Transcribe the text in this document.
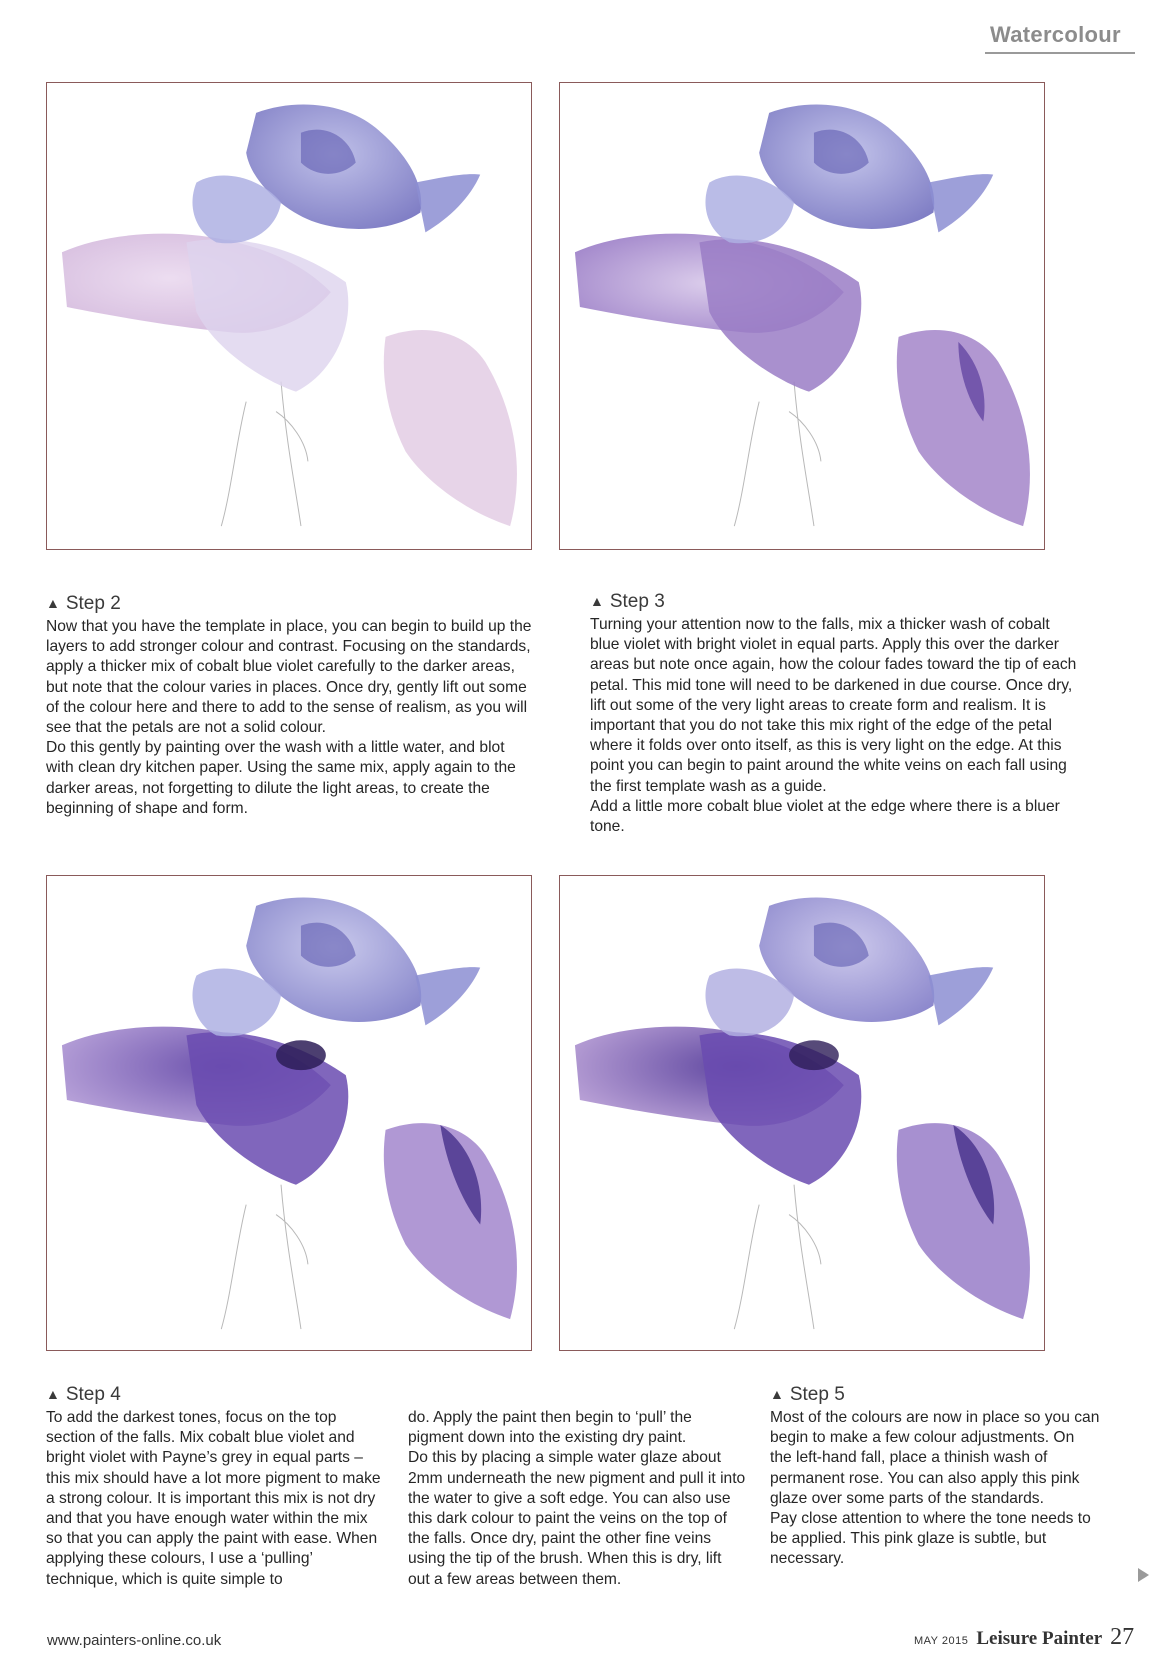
Watercolour
▲ Step 2

Now that you have the template in place, you can begin to build up the layers to add stronger colour and contrast. Focusing on the standards, apply a thicker mix of cobalt blue violet carefully to the darker areas, but note that the colour varies in places. Once dry, gently lift out some of the colour here and there to add to the sense of realism, as you will see that the petals are not a solid colour.

Do this gently by painting over the wash with a little water, and blot with clean dry kitchen paper. Using the same mix, apply again to the darker areas, not forgetting to dilute the light areas, to create the beginning of shape and form.

▲ Step 3

Turning your attention now to the falls, mix a thicker wash of cobalt blue violet with bright violet in equal parts. Apply this over the darker areas but note once again, how the colour fades toward the tip of each petal. This mid tone will need to be darkened in due course. Once dry, lift out some of the very light areas to create form and realism. It is important that you do not take this mix right of the edge of the petal where it folds over onto itself, as this is very light on the edge. At this point you can begin to paint around the white veins on each fall using the first template wash as a guide.

Add a little more cobalt blue violet at the edge where there is a bluer tone.

▲ Step 4

To add the darkest tones, focus on the top section of the falls. Mix cobalt blue violet and bright violet with Payne’s grey in equal parts – this mix should have a lot more pigment to make a strong colour. It is important this mix is not dry and that you have enough water within the mix so that you can apply the paint with ease. When applying these colours, I use a ‘pulling’ technique, which is quite simple to

do. Apply the paint then begin to ‘pull’ the pigment down into the existing dry paint.

Do this by placing a simple water glaze about 2mm underneath the new pigment and pull it into the water to give a soft edge. You can also use this dark colour to paint the veins on the top of the falls. Once dry, paint the other fine veins using the tip of the brush. When this is dry, lift out a few areas between them.

▲ Step 5

Most of the colours are now in place so you can begin to make a few colour adjustments. On the left-hand fall, place a thinish wash of permanent rose. You can also apply this pink glaze over some parts of the standards.

Pay close attention to where the tone needs to be applied. This pink glaze is subtle, but necessary.

www.painters-online.co.uk	MAY 2015 Leisure Painter 27
